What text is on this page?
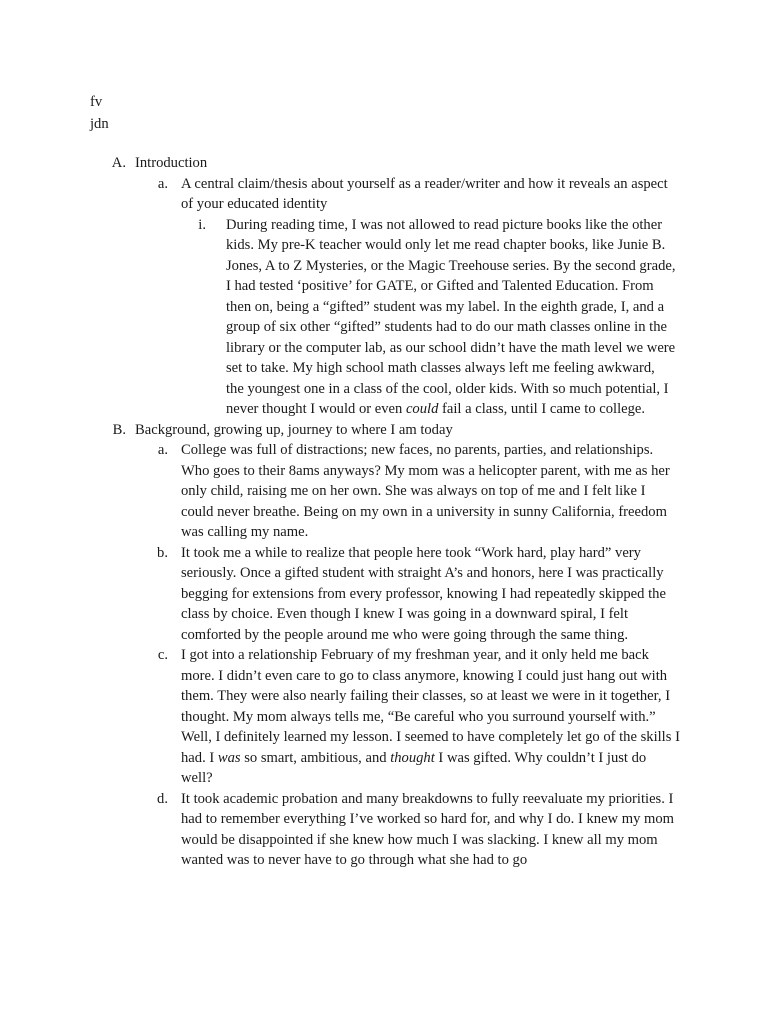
fv
jdn
A. Introduction
a. A central claim/thesis about yourself as a reader/writer and how it reveals an aspect of your educated identity
i. During reading time, I was not allowed to read picture books like the other kids. My pre-K teacher would only let me read chapter books, like Junie B. Jones, A to Z Mysteries, or the Magic Treehouse series. By the second grade, I had tested ‘positive’ for GATE, or Gifted and Talented Education. From then on, being a “gifted” student was my label. In the eighth grade, I, and a group of six other “gifted” students had to do our math classes online in the library or the computer lab, as our school didn’t have the math level we were set to take. My high school math classes always left me feeling awkward, the youngest one in a class of the cool, older kids. With so much potential, I never thought I would or even could fail a class, until I came to college.
B. Background, growing up, journey to where I am today
a. College was full of distractions; new faces, no parents, parties, and relationships. Who goes to their 8ams anyways? My mom was a helicopter parent, with me as her only child, raising me on her own. She was always on top of me and I felt like I could never breathe. Being on my own in a university in sunny California, freedom was calling my name.
b. It took me a while to realize that people here took “Work hard, play hard” very seriously. Once a gifted student with straight A’s and honors, here I was practically begging for extensions from every professor, knowing I had repeatedly skipped the class by choice. Even though I knew I was going in a downward spiral, I felt comforted by the people around me who were going through the same thing.
c. I got into a relationship February of my freshman year, and it only held me back more. I didn’t even care to go to class anymore, knowing I could just hang out with them. They were also nearly failing their classes, so at least we were in it together, I thought. My mom always tells me, “Be careful who you surround yourself with.” Well, I definitely learned my lesson. I seemed to have completely let go of the skills I had. I was so smart, ambitious, and thought I was gifted. Why couldn’t I just do well?
d. It took academic probation and many breakdowns to fully reevaluate my priorities. I had to remember everything I’ve worked so hard for, and why I do. I knew my mom would be disappointed if she knew how much I was slacking. I knew all my mom wanted was to never have to go through what she had to go
